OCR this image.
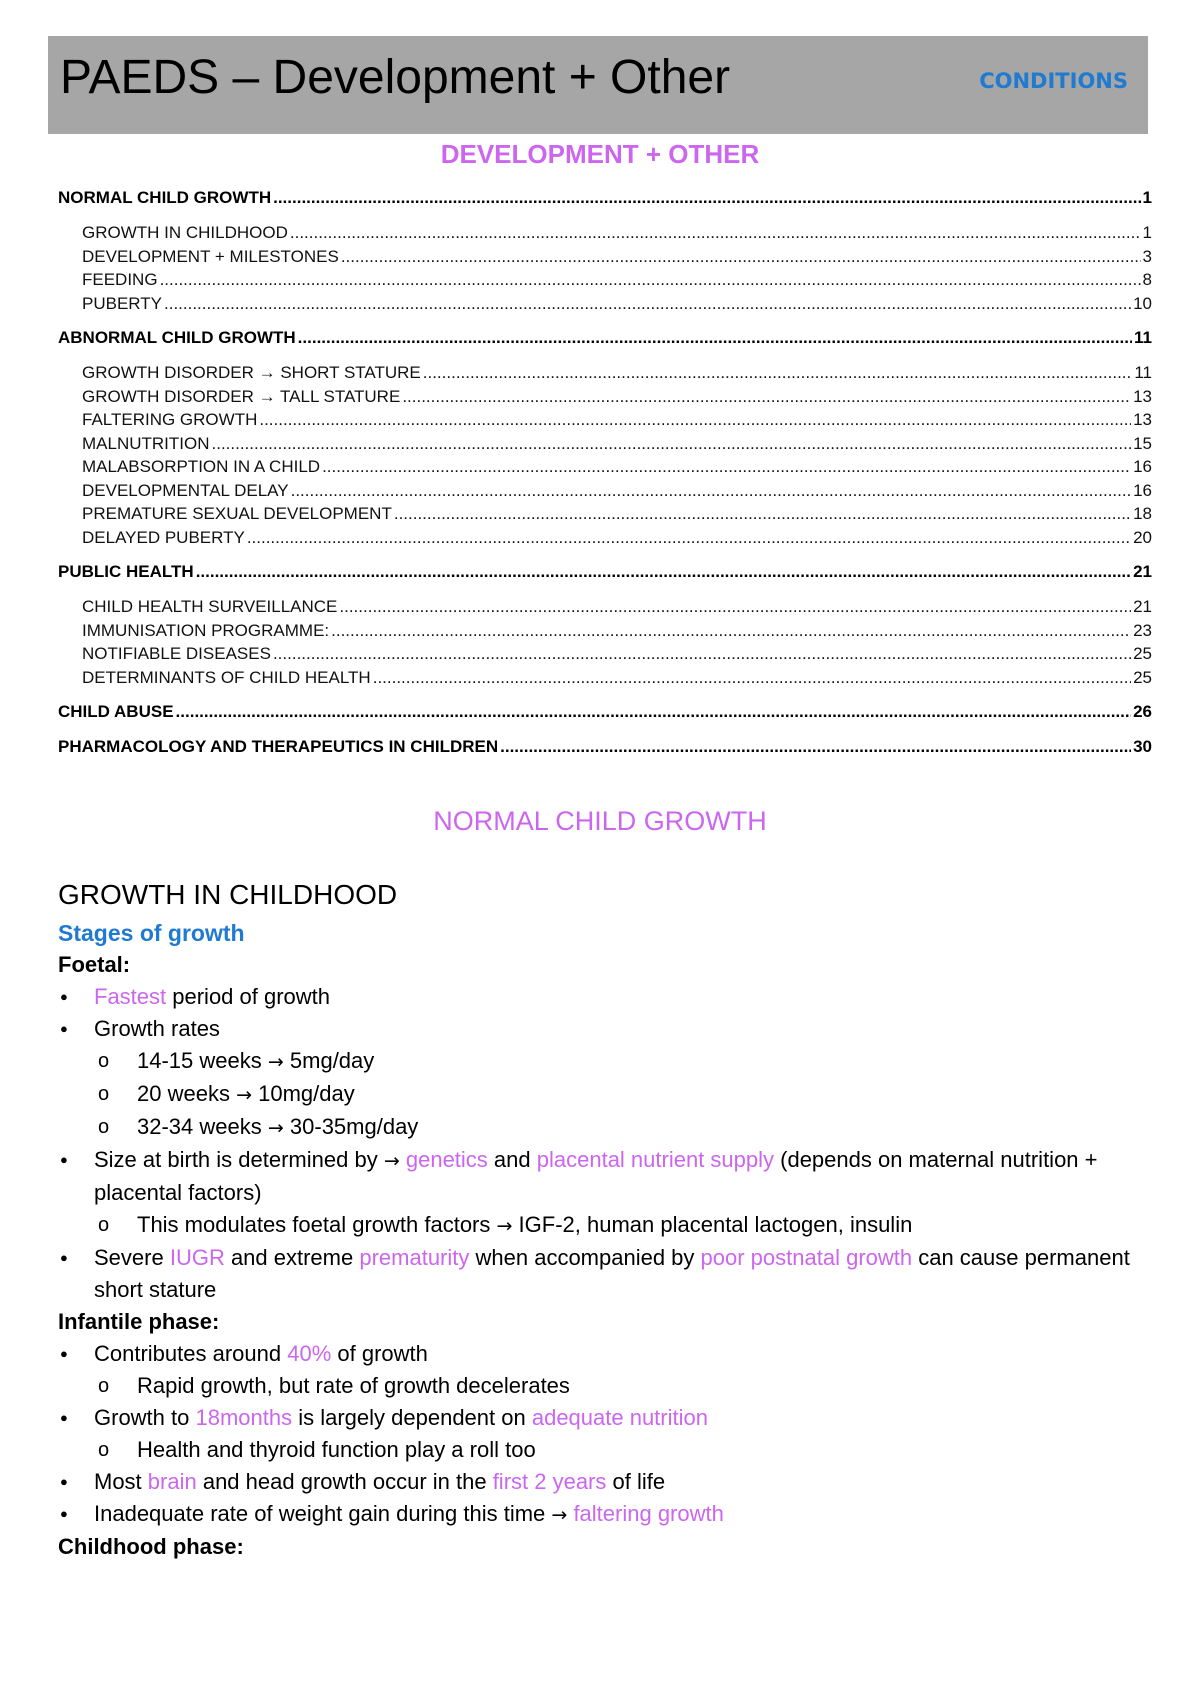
PAEDS – Development + Other	CONDITIONS
DEVELOPMENT + OTHER
NORMAL CHILD GROWTH .....	1
GROWTH IN CHILDHOOD .....	1
DEVELOPMENT + MILESTONES .....	3
FEEDING .....	8
PUBERTY .....	10
ABNORMAL CHILD GROWTH .....	11
GROWTH DISORDER → SHORT STATURE .....	11
GROWTH DISORDER → TALL STATURE .....	13
FALTERING GROWTH .....	13
MALNUTRITION .....	15
MALABSORPTION IN A CHILD .....	16
DEVELOPMENTAL DELAY .....	16
PREMATURE SEXUAL DEVELOPMENT .....	18
DELAYED PUBERTY .....	20
PUBLIC HEALTH .....	21
CHILD HEALTH SURVEILLANCE .....	21
IMMUNISATION PROGRAMME: .....	23
NOTIFIABLE DISEASES .....	25
DETERMINANTS OF CHILD HEALTH .....	25
CHILD ABUSE .....	26
PHARMACOLOGY AND THERAPEUTICS IN CHILDREN .....	30
NORMAL CHILD GROWTH
GROWTH IN CHILDHOOD
Stages of growth
Foetal:
● Fastest period of growth
● Growth rates
o 14-15 weeks → 5mg/day
o 20 weeks → 10mg/day
o 32-34 weeks → 30-35mg/day
● Size at birth is determined by → genetics and placental nutrient supply (depends on maternal nutrition + placental factors)
o This modulates foetal growth factors → IGF-2, human placental lactogen, insulin
● Severe IUGR and extreme prematurity when accompanied by poor postnatal growth can cause permanent short stature
Infantile phase:
● Contributes around 40% of growth
o Rapid growth, but rate of growth decelerates
● Growth to 18months is largely dependent on adequate nutrition
o Health and thyroid function play a roll too
● Most brain and head growth occur in the first 2 years of life
● Inadequate rate of weight gain during this time → faltering growth
Childhood phase:
